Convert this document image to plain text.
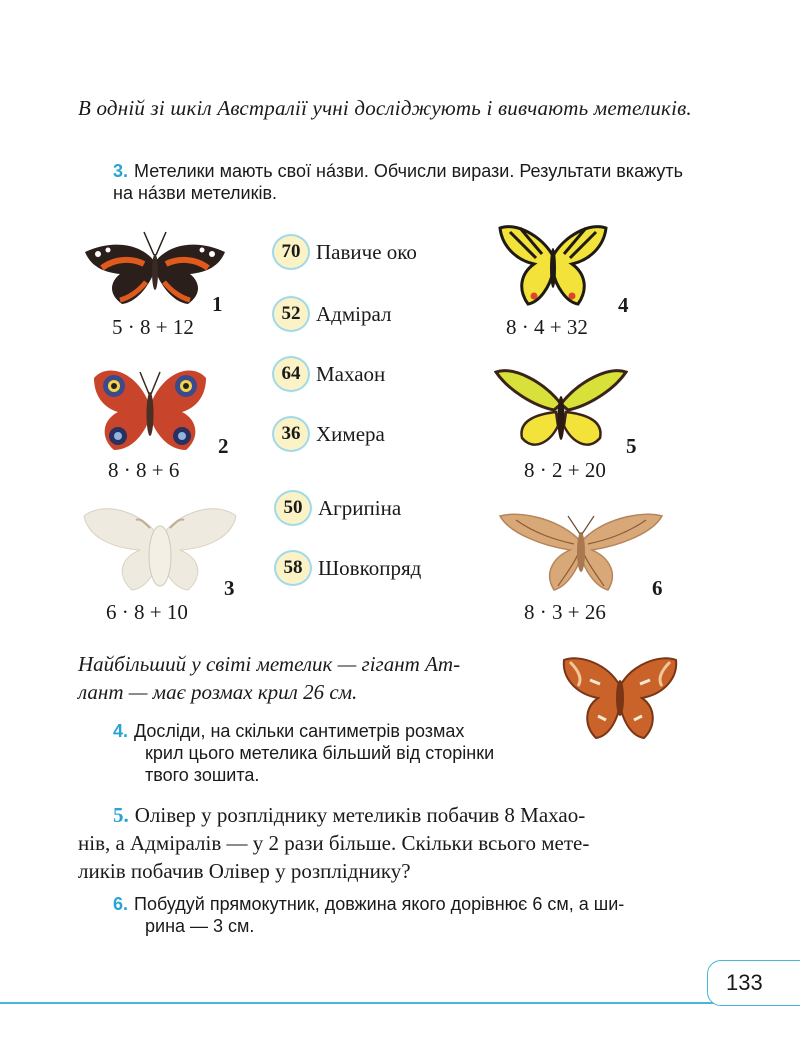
В одній зі шкіл Австралії учні досліджують і вивчають метеликів.
3. Метелики мають свої нáзви. Обчисли вирази. Результати вкажуть на нáзви метеликів.
1
5 · 8 + 12
2
8 · 8 + 6
3
6 · 8 + 10
4
8 · 4 + 32
5
8 · 2 + 20
6
8 · 3 + 26
70 Павиче око
52 Адмірал
64 Махаон
36 Химера
50 Агрипіна
58 Шовкопряд
Найбільший у світі метелик — гігант Ат-
лант — має розмах крил 26 см.
4. Досліди, на скільки сантиметрів розмах
крил цього метелика більший від сторінки
твого зошита.
5. Олівер у розпліднику метеликів побачив 8 Махао-
нів, а Адміралів — у 2 рази більше. Скільки всього мете-
ликів побачив Олівер у розпліднику?
6. Побудуй прямокутник, довжина якого дорівнює 6 см, а ши-
рина — 3 см.
133
